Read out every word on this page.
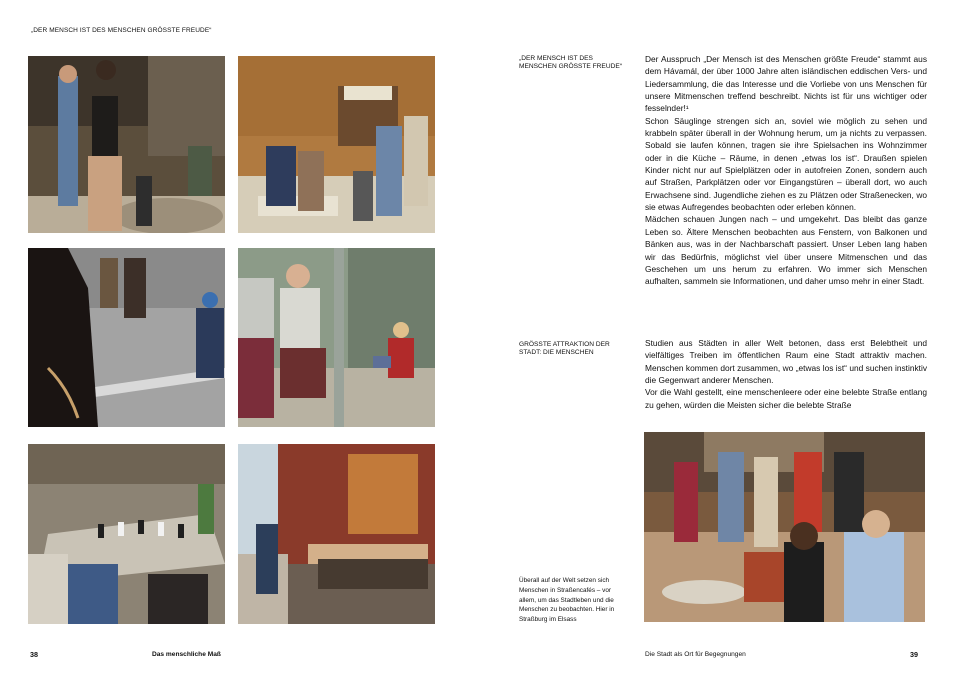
„DER MENSCH IST DES MENSCHEN GRÖSSTE FREUDE“
38	Das menschliche Maß
„DER MENSCH IST DES MENSCHEN GRÖSSTE FREUDE“

Der Ausspruch „Der Mensch ist des Menschen größte Freude“ stammt aus dem Hávamál, der über 1000 Jahre alten isländischen eddischen Vers- und Liedersammlung, die das Interesse und die Vorliebe von uns Menschen für unsere Mitmenschen treffend beschreibt. Nichts ist für uns wichtiger oder fesselnder!¹

Schon Säuglinge strengen sich an, soviel wie möglich zu sehen und krabbeln später überall in der Wohnung herum, um ja nichts zu verpassen. Sobald sie laufen können, tragen sie ihre Spielsachen ins Wohnzimmer oder in die Küche – Räume, in denen „etwas los ist“. Draußen spielen Kinder nicht nur auf Spielplätzen oder in autofreien Zonen, sondern auch auf Straßen, Parkplätzen oder vor Eingangstüren – überall dort, wo auch Erwachsene sind. Jugendliche ziehen es zu Plätzen oder Straßenecken, wo sie etwas Aufregendes beobachten oder erleben können.

Mädchen schauen Jungen nach – und umgekehrt. Das bleibt das ganze Leben so. Ältere Menschen beobachten aus Fenstern, von Balkonen und Bänken aus, was in der Nachbarschaft passiert. Unser Leben lang haben wir das Bedürfnis, möglichst viel über unsere Mitmenschen und das Geschehen um uns herum zu erfahren. Wo immer sich Menschen aufhalten, sammeln sie Informationen, und daher umso mehr in einer Stadt.

GRÖSSTE ATTRAKTION DER STADT: DIE MENSCHEN

Studien aus Städten in aller Welt betonen, dass erst Belebtheit und vielfältiges Treiben im öffentlichen Raum eine Stadt attraktiv machen. Menschen kommen dort zusammen, wo „etwas los ist“ und suchen instinktiv die Gegenwart anderer Menschen.

Vor die Wahl gestellt, eine menschenleere oder eine belebte Straße entlang zu gehen, würden die Meisten sicher die belebte Straße

Überall auf der Welt setzen sich Menschen in Straßencafés – vor allem, um das Stadtleben und die Menschen zu beobachten. Hier in Straßburg im Elsass
Die Stadt als Ort für Begegnungen	39
